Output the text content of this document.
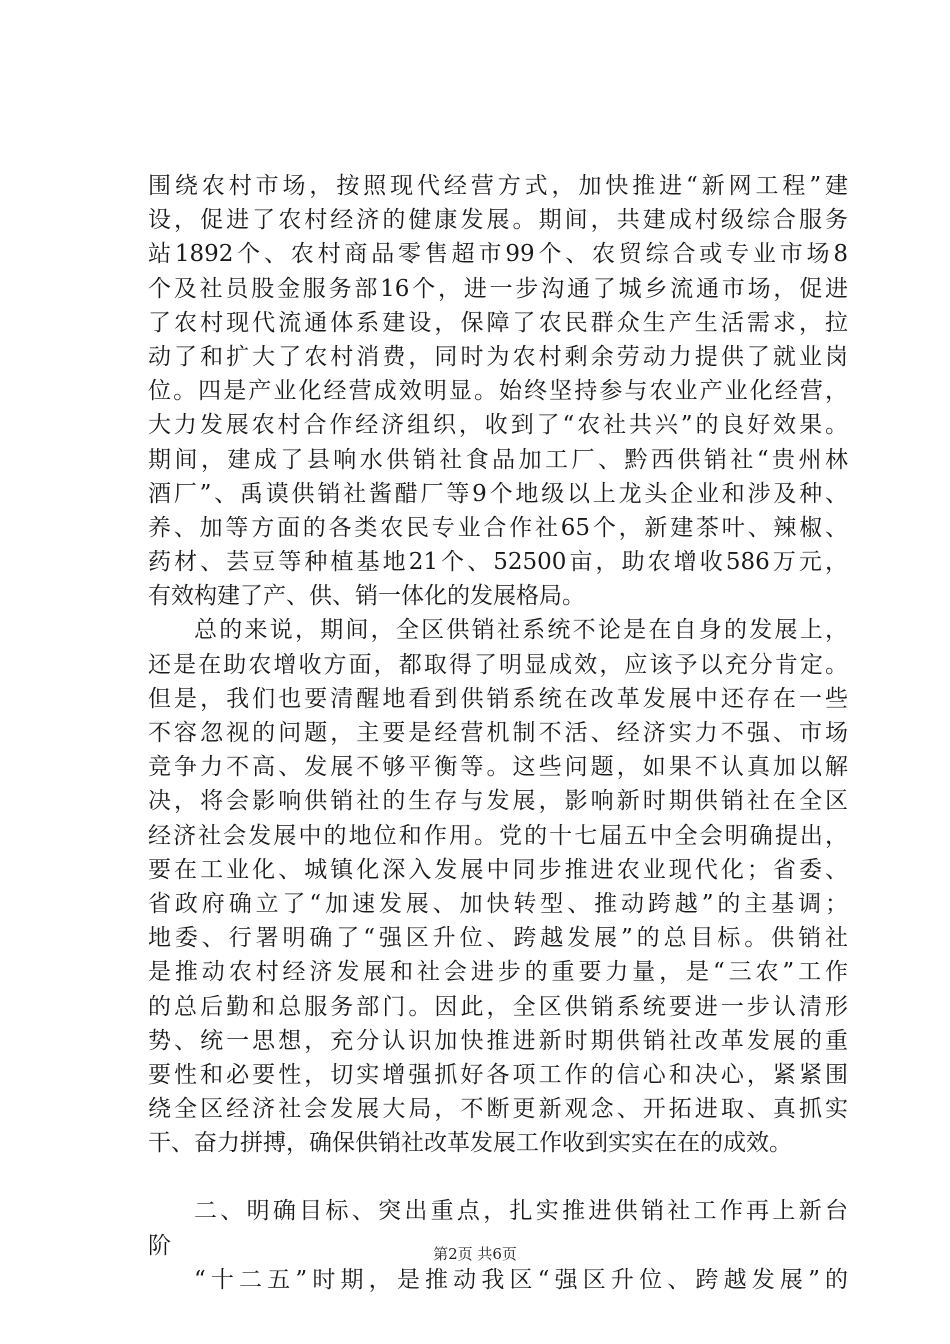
围绕农村市场，按照现代经营方式，加快推进“新网工程”建
设，促进了农村经济的健康发展。期间，共建成村级综合服务
站1892个、农村商品零售超市99个、农贸综合或专业市场8
个及社员股金服务部16个，进一步沟通了城乡流通市场，促进
了农村现代流通体系建设，保障了农民群众生产生活需求，拉
动了和扩大了农村消费，同时为农村剩余劳动力提供了就业岗
位。四是产业化经营成效明显。始终坚持参与农业产业化经营，
大力发展农村合作经济组织，收到了“农社共兴”的良好效果。
期间，建成了县响水供销社食品加工厂、黔西供销社“贵州林
酒厂”、禹谟供销社酱醋厂等9个地级以上龙头企业和涉及种、
养、加等方面的各类农民专业合作社65个，新建茶叶、辣椒、
药材、芸豆等种植基地21个、52500亩，助农增收586万元，
有效构建了产、供、销一体化的发展格局。
总的来说，期间，全区供销社系统不论是在自身的发展上，
还是在助农增收方面，都取得了明显成效，应该予以充分肯定。
但是，我们也要清醒地看到供销系统在改革发展中还存在一些
不容忽视的问题，主要是经营机制不活、经济实力不强、市场
竞争力不高、发展不够平衡等。这些问题，如果不认真加以解
决，将会影响供销社的生存与发展，影响新时期供销社在全区
经济社会发展中的地位和作用。党的十七届五中全会明确提出，
要在工业化、城镇化深入发展中同步推进农业现代化；省委、
省政府确立了“加速发展、加快转型、推动跨越”的主基调；
地委、行署明确了“强区升位、跨越发展”的总目标。供销社
是推动农村经济发展和社会进步的重要力量，是“三农”工作
的总后勤和总服务部门。因此，全区供销系统要进一步认清形
势、统一思想，充分认识加快推进新时期供销社改革发展的重
要性和必要性，切实增强抓好各项工作的信心和决心，紧紧围
绕全区经济社会发展大局，不断更新观念、开拓进取、真抓实
干、奋力拼搏，确保供销社改革发展工作收到实实在在的成效。
二、明确目标、突出重点，扎实推进供销社工作再上新台
阶
“十二五”时期，是推动我区“强区升位、跨越发展”的
第2页 共6页
